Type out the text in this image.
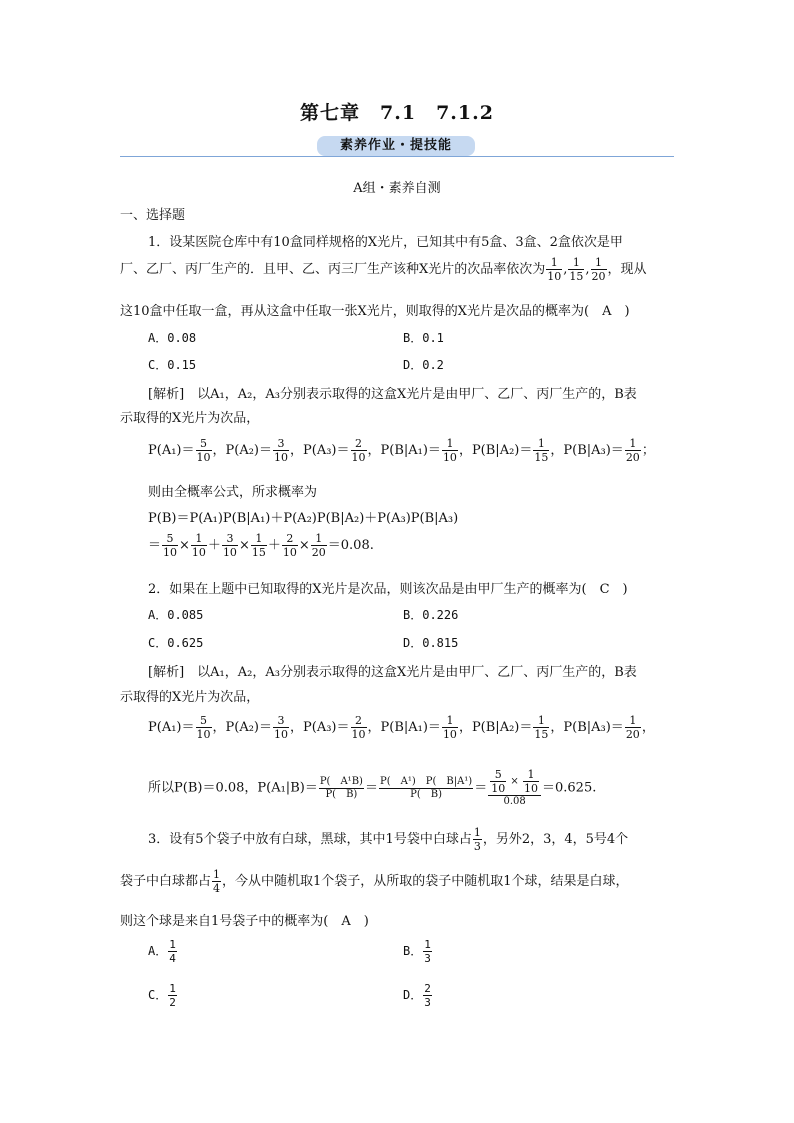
第七章　7.1　7.1.2
素养作业・提技能
A组・素养自测
一、选择题
1．设某医院仓库中有10盒同样规格的X光片，已知其中有5盒、3盒、2盒依次是甲
厂、乙厂、丙厂生产的．且甲、乙、丙三厂生产该种X光片的次品率依次为 $\frac{1}{10}$ , $\frac{1}{15}$ , $\frac{1}{20}$ ，现从
这10盒中任取一盒，再从这盒中任取一张X光片，则取得的X光片是次品的概率为(　A　)
A．0.08	B．0.1
C．0.15	D．0.2
[解析]　以A₁，A₂，A₃分别表示取得的这盒X光片是由甲厂、乙厂、丙厂生产的，B表
示取得的X光片为次品，
$P(A_1)= \frac{5}{10}$ ，$P(A_2)= \frac{3}{10}$ ，$P(A_3)= \frac{2}{10}$ ，$P(B|A_1)= \frac{1}{10}$ ，$P(B|A_2)= \frac{1}{15}$ ，$P(B|A_3)= \frac{1}{20}$ ；
则由全概率公式，所求概率为
P(B)＝P(A₁)P(B|A₁)＋P(A₂)P(B|A₂)＋P(A₃)P(B|A₃)
＝ $\frac{5}{10} \times \frac{1}{10} + \frac{3}{10} \times \frac{1}{15} + \frac{2}{10} \times \frac{1}{20} =0.08$.
2．如果在上题中已知取得的X光片是次品，则该次品是由甲厂生产的概率为(　C　)
A．0.085	B．0.226
C．0.625	D．0.815
[解析]　以A₁，A₂，A₃分别表示取得的这盒X光片是由甲厂、乙厂、丙厂生产的，B表
示取得的X光片为次品，
$P(A_1)= \frac{5}{10}$ ，$P(A_2)= \frac{3}{10}$ ，$P(A_3)= \frac{2}{10}$ ，$P(B|A_1)= \frac{1}{10}$ ，$P(B|A_2)= \frac{1}{15}$ ，$P(B|A_3)= \frac{1}{20}$ ，
所以P(B)＝0.08，$P(A_1|B)= \frac{\text{P(　A¹B)}}{P( B)} = \frac{\text{P(　A¹)　P(　B|A¹)}}{P( B)} = \frac{\frac{5}{10} \times \frac{1}{10}}{0.08} =0.625$.
3．设有5个袋子中放有白球，黑球，其中1号袋中白球占 $\frac{1}{3}$ ，另外2，3，4，5号4个
袋子中白球都占 $\frac{1}{4}$ ，今从中随机取1个袋子，从所取的袋子中随机取1个球，结果是白球，
则这个球是来自1号袋子中的概率为(　A　)
A． $\frac{1}{4}$	B． $\frac{1}{3}$
C． $\frac{1}{2}$	D． $\frac{2}{3}$
